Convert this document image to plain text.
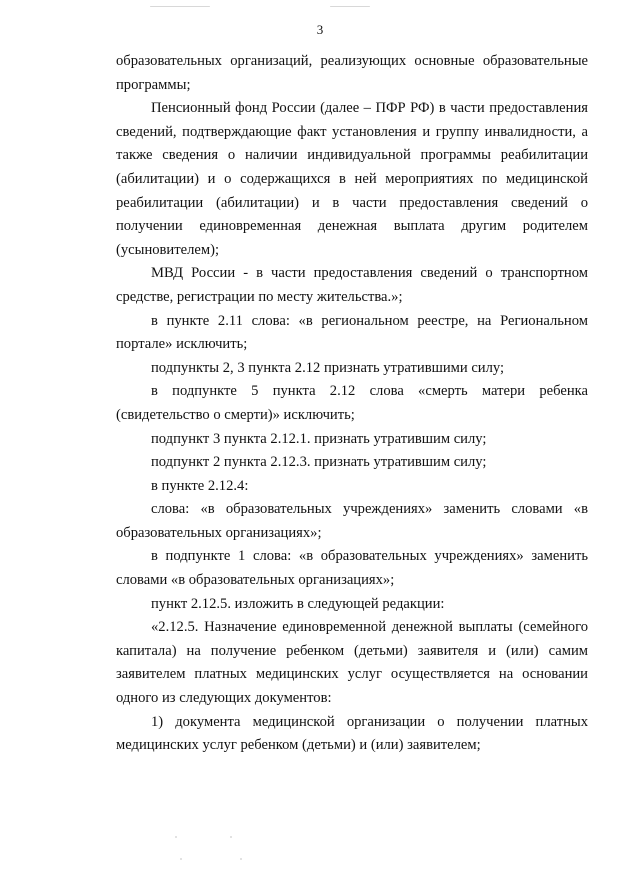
3

образовательных организаций, реализующих основные образовательные программы;

Пенсионный фонд России (далее – ПФР РФ) в части предоставления сведений, подтверждающие факт установления и группу инвалидности, а также сведения о наличии индивидуальной программы реабилитации (абилитации) и о содержащихся в ней мероприятиях по медицинской реабилитации (абилитации) и в части предоставления сведений о получении единовременная денежная выплата другим родителем (усыновителем);

МВД России - в части предоставления сведений о транспортном средстве, регистрации по месту жительства.»;

в пункте 2.11 слова: «в региональном реестре, на Региональном портале» исключить;

подпункты 2, 3 пункта 2.12 признать утратившими силу;

в подпункте 5 пункта 2.12 слова «смерть матери ребенка (свидетельство о смерти)» исключить;

подпункт 3 пункта 2.12.1. признать утратившим силу;

подпункт 2 пункта 2.12.3. признать утратившим силу;

в пункте 2.12.4:

слова: «в образовательных учреждениях» заменить словами «в образовательных организациях»;

в подпункте 1 слова: «в образовательных учреждениях» заменить словами «в образовательных организациях»;

пункт 2.12.5. изложить в следующей редакции:

«2.12.5. Назначение единовременной денежной выплаты (семейного капитала) на получение ребенком (детьми) заявителя и (или) самим заявителем платных медицинских услуг осуществляется на основании одного из следующих документов:

1) документа медицинской организации о получении платных медицинских услуг ребенком (детьми) и (или) заявителем;
